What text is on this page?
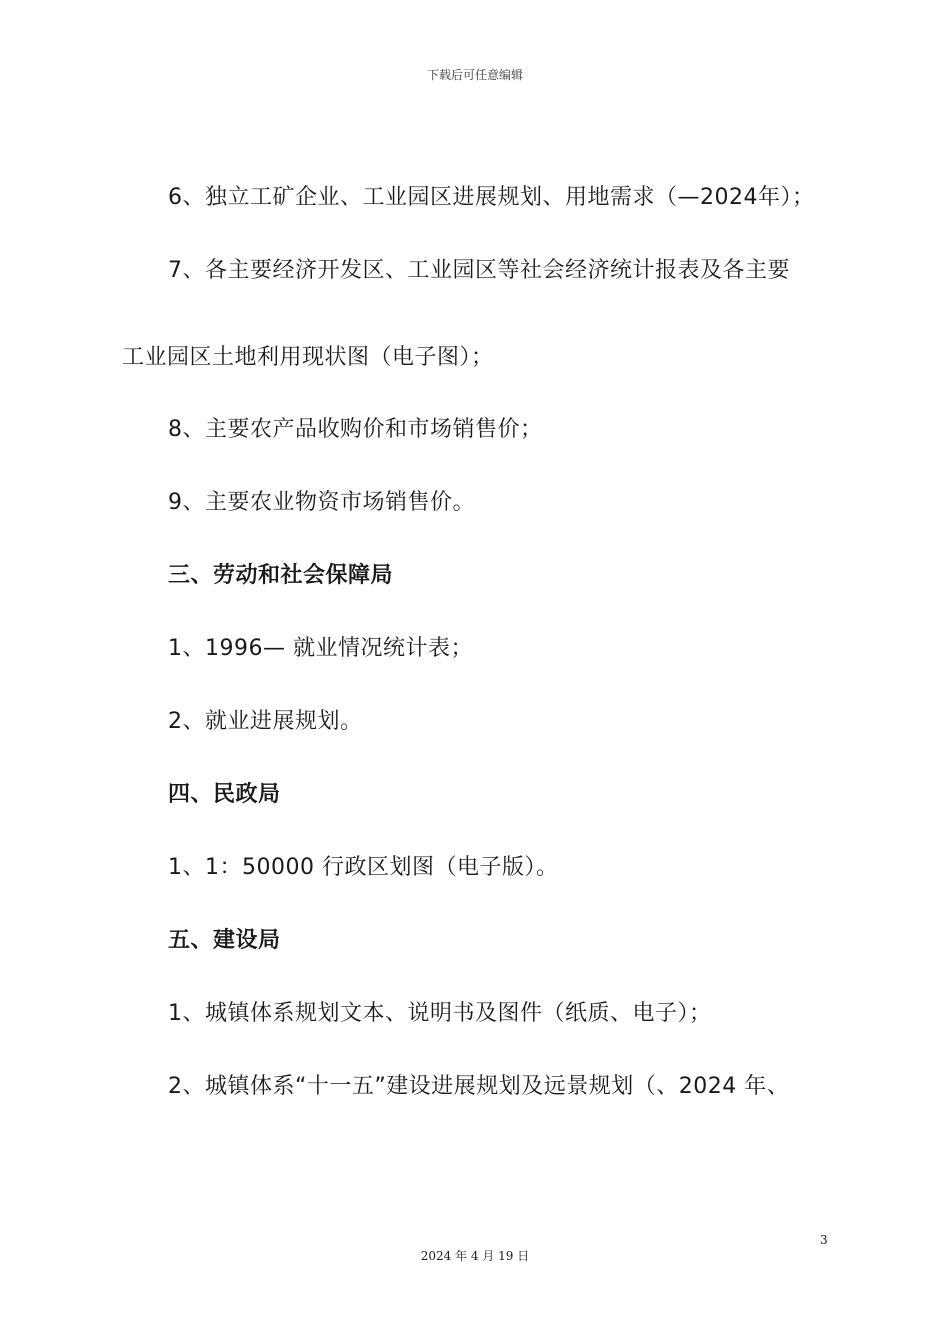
下载后可任意编辑
6、独立工矿企业、工业园区进展规划、用地需求（—2024年）；
7、各主要经济开发区、工业园区等社会经济统计报表及各主要
工业园区土地利用现状图（电子图）；
8、主要农产品收购价和市场销售价；
9、主要农业物资市场销售价。
三、劳动和社会保障局
1、1996— 就业情况统计表；
2、就业进展规划。
四、民政局
1、1：50000 行政区划图（电子版）。
五、建设局
1、城镇体系规划文本、说明书及图件（纸质、电子）；
2、城镇体系“十一五”建设进展规划及远景规划（、2024 年、
3
2024 年 4 月 19 日
